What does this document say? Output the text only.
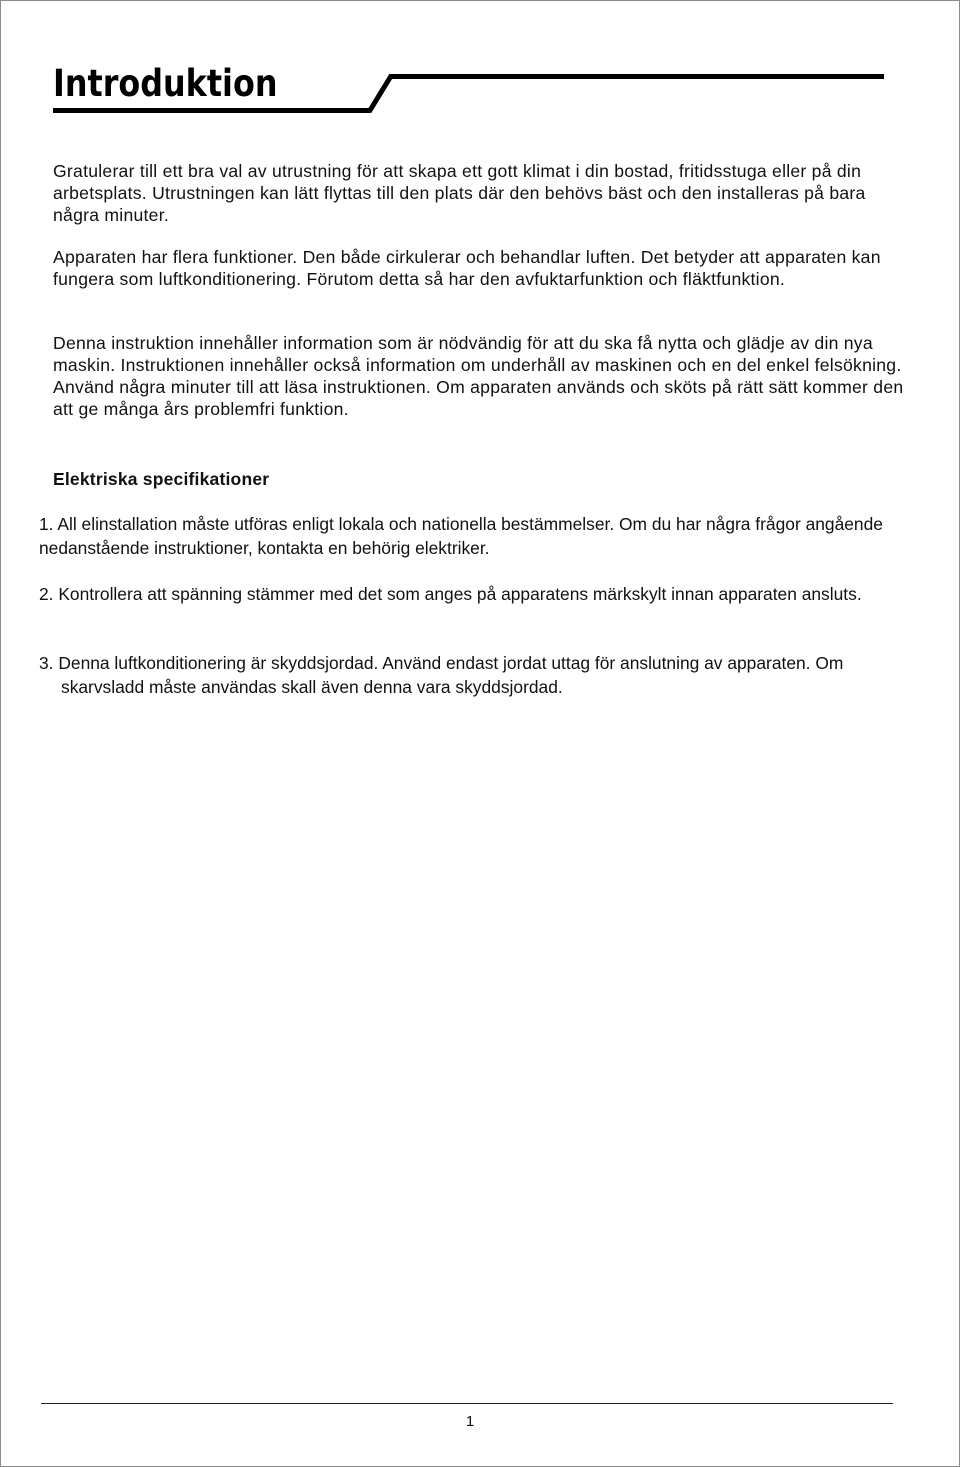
Introduktion

Gratulerar till ett bra val av utrustning för att skapa ett gott klimat i din bostad, fritidsstuga eller på din arbetsplats. Utrustningen kan lätt flyttas till den plats där den behövs bäst och den installeras på bara några minuter.

Apparaten har flera funktioner. Den både cirkulerar och behandlar luften. Det betyder att apparaten kan fungera som luftkonditionering. Förutom detta så har den avfuktarfunktion och fläktfunktion.

Denna instruktion innehåller information som är nödvändig för att du ska få nytta och glädje av din nya maskin. Instruktionen innehåller också information om underhåll av maskinen och en del enkel felsökning. Använd några minuter till att läsa instruktionen. Om apparaten används och sköts på rätt sätt kommer den att ge många års problemfri funktion.

Elektriska specifikationer

1. All elinstallation måste utföras enligt lokala och nationella bestämmelser. Om du har några frågor angående nedanstående instruktioner, kontakta en behörig elektriker.

2. Kontrollera att spänning stämmer med det som anges på apparatens märkskylt innan apparaten ansluts.

3. Denna luftkonditionering är skyddsjordad. Använd endast jordat uttag för anslutning av apparaten. Om skarvsladd måste användas skall även denna vara skyddsjordad.

1
